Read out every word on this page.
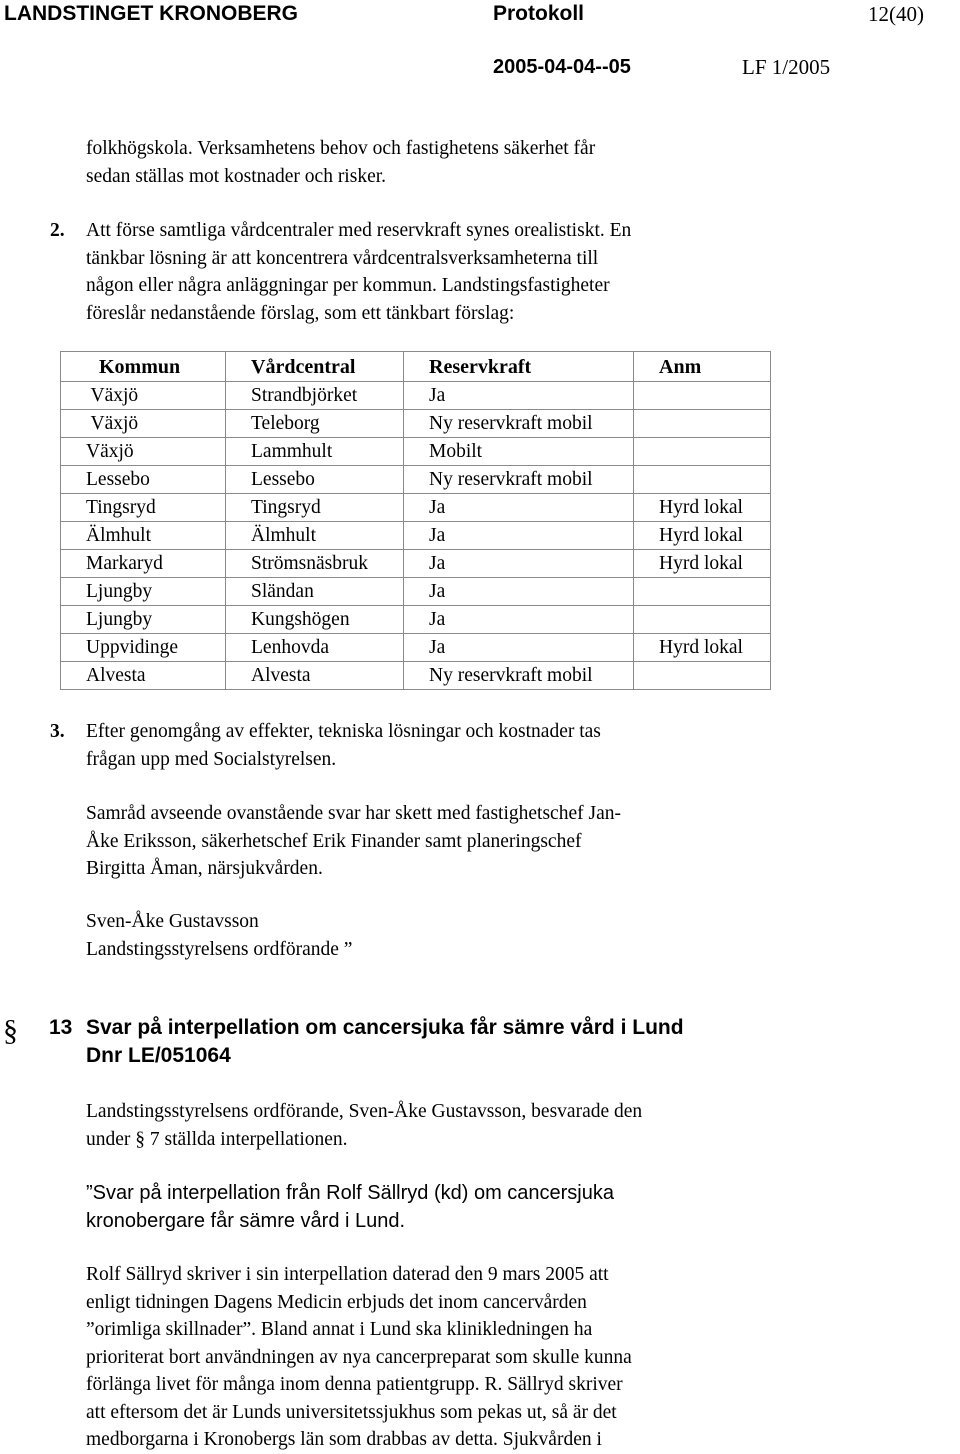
LANDSTINGET KRONOBERG	Protokoll	12(40)
2005-04-04--05	LF 1/2005
folkhögskola. Verksamhetens behov och fastighetens säkerhet får
sedan ställas mot kostnader och risker.
2. Att förse samtliga vårdcentraler med reservkraft synes orealistiskt. En
tänkbar lösning är att koncentrera vårdcentralsverksamheterna till
någon eller några anläggningar per kommun. Landstingsfastigheter
föreslår nedanstående förslag, som ett tänkbart förslag:
Kommun	Vårdcentral	Reservkraft	Anm
Växjö	Strandbjörket	Ja	
Växjö	Teleborg	Ny reservkraft mobil	
Växjö	Lammhult	Mobilt	
Lessebo	Lessebo	Ny reservkraft mobil	
Tingsryd	Tingsryd	Ja	Hyrd lokal
Älmhult	Älmhult	Ja	Hyrd lokal
Markaryd	Strömsnäsbruk	Ja	Hyrd lokal
Ljungby	Sländan	Ja	
Ljungby	Kungshögen	Ja	
Uppvidinge	Lenhovda	Ja	Hyrd lokal
Alvesta	Alvesta	Ny reservkraft mobil	
3. Efter genomgång av effekter, tekniska lösningar och kostnader tas
frågan upp med Socialstyrelsen.
Samråd avseende ovanstående svar har skett med fastighetschef Jan-
Åke Eriksson, säkerhetschef Erik Finander samt planeringschef
Birgitta Åman, närsjukvården.
Sven-Åke Gustavsson
Landstingsstyrelsens ordförande ”
§ 13 Svar på interpellation om cancersjuka får sämre vård i Lund
Dnr LE/051064
Landstingsstyrelsens ordförande, Sven-Åke Gustavsson, besvarade den
under § 7 ställda interpellationen.
”Svar på interpellation från Rolf Sällryd (kd) om cancersjuka
kronobergare får sämre vård i Lund.
Rolf Sällryd skriver i sin interpellation daterad den 9 mars 2005 att
enligt tidningen Dagens Medicin erbjuds det inom cancervården
”orimliga skillnader”. Bland annat i Lund ska klinikledningen ha
prioriterat bort användningen av nya cancerpreparat som skulle kunna
förlänga livet för många inom denna patientgrupp. R. Sällryd skriver
att eftersom det är Lunds universitetssjukhus som pekas ut, så är det
medborgarna i Kronobergs län som drabbas av detta. Sjukvården i
